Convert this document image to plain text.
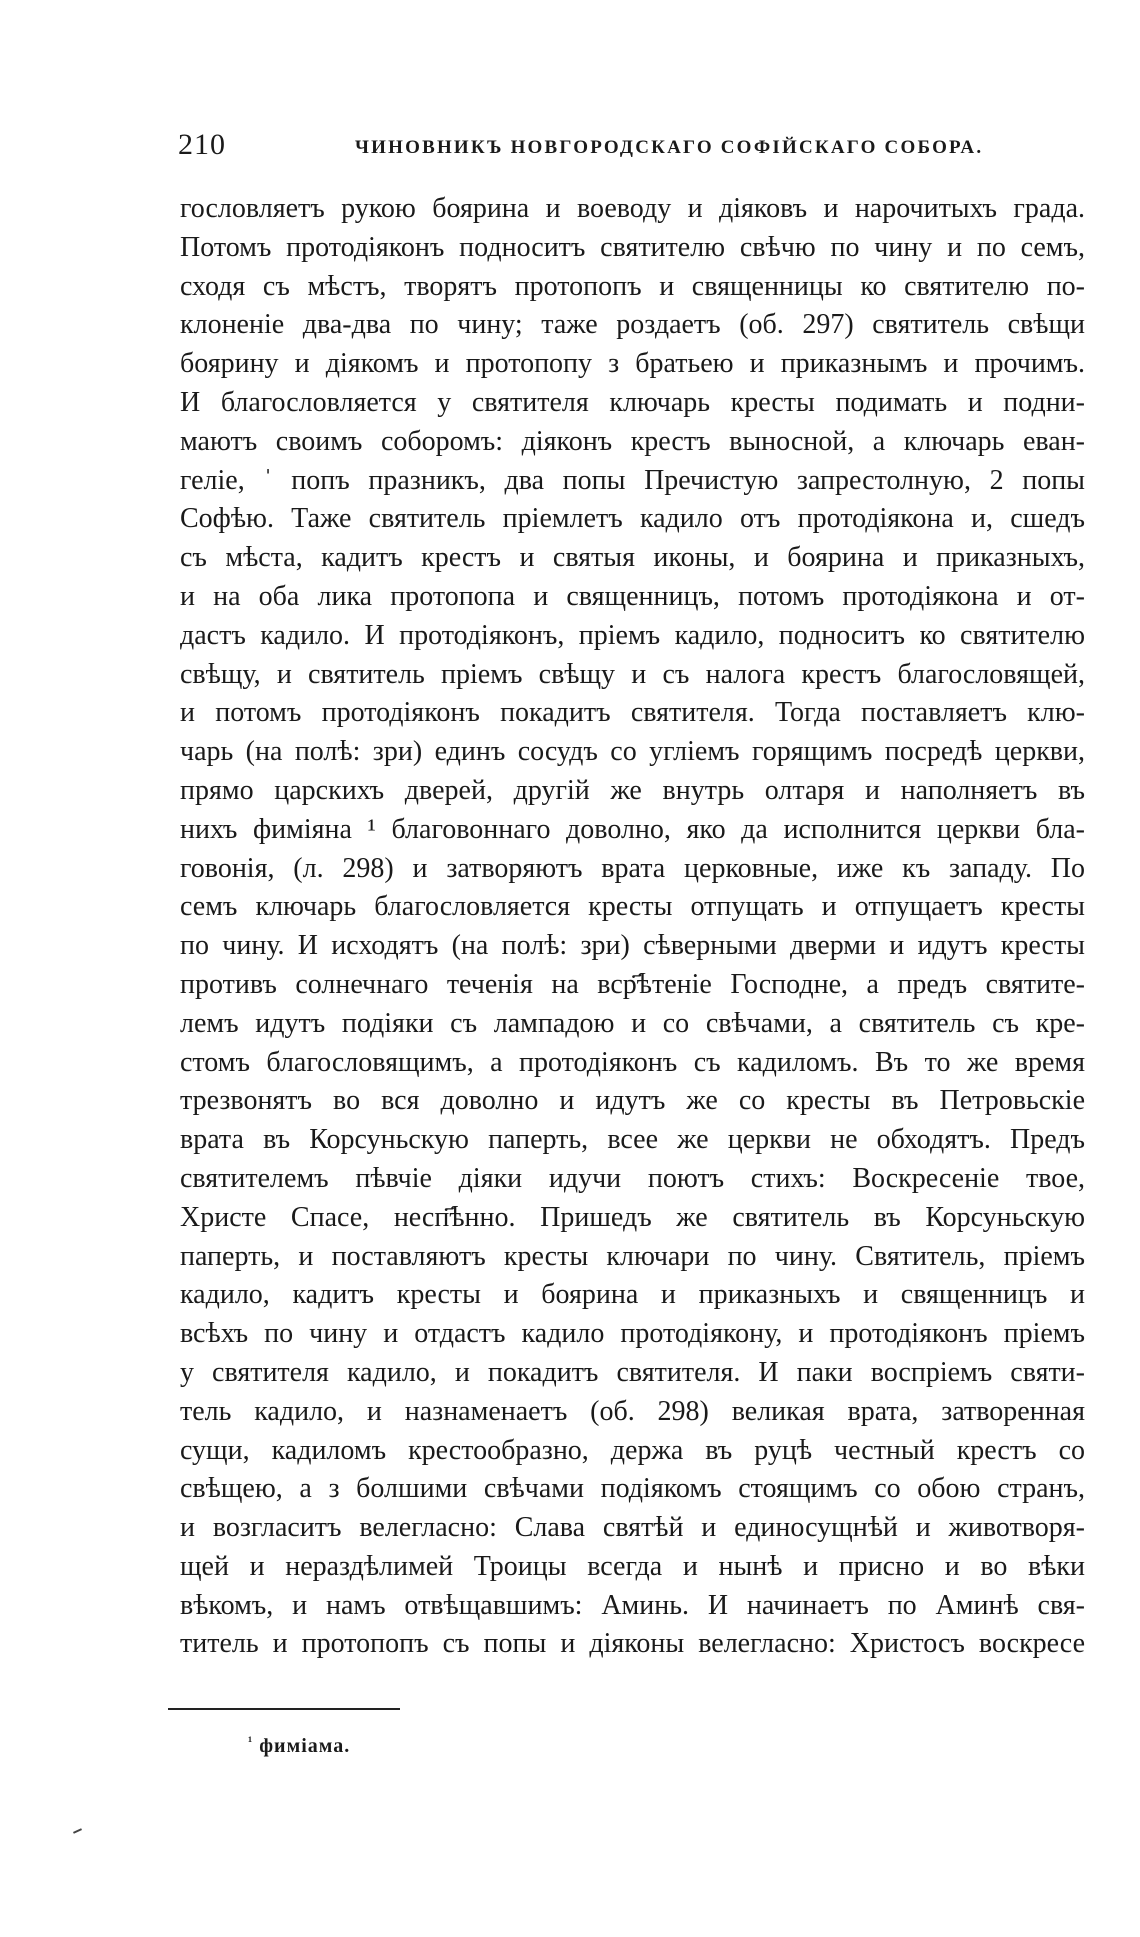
210	ЧИНОВНИКЪ НОВГОРОДСКАГО СОФІЙСКАГО СОБОРА.
гословляетъ рукою боярина и воеводу и діяковъ и нарочитыхъ града.
Потомъ протодіяконъ подноситъ святителю свѣчю по чину и по семъ,
сходя съ мѣстъ, творятъ протопопъ и священницы ко святителю по-
клоненіе два-два по чину; таже роздаетъ (об. 297) святитель свѣщи
боярину и діякомъ и протопопу з братьею и приказнымъ и прочимъ.
И благословляется у святителя ключарь кресты подимать и подни-
маютъ своимъ соборомъ: діяконъ крестъ выносной, а ключарь еван-
геліе, ˈ попъ празникъ, два попы Пречистую запрестолную, 2 попы
Софѣю. Таже святитель пріемлетъ кадило отъ протодіякона и, сшедъ
съ мѣста, кадитъ крестъ и святыя иконы, и боярина и приказныхъ,
и на оба лика протопопа и священницъ, потомъ протодіякона и от-
дастъ кадило. И протодіяконъ, пріемъ кадило, подноситъ ко святителю
свѣщу, и святитель пріемъ свѣщу и съ налога крестъ благословящей,
и потомъ протодіяконъ покадитъ святителя. Тогда поставляетъ клю-
чарь (на полѣ: зри) единъ сосудъ со угліемъ горящимъ посредѣ церкви,
прямо царскихъ дверей, другій же внутрь олтаря и наполняетъ въ
нихъ фиміяна ¹ благовоннаго доволно, яко да исполнится церкви бла-
говонія, (л. 298) и затворяютъ врата церковные, иже къ западу. По
семъ ключарь благословляется кресты отпущать и отпущаетъ кресты
по чину. И исходятъ (на полѣ: зри) сѣверными дверми и идутъ кресты
противъ солнечнаго теченія на вср҃ѣтеніе Господне, а предъ святите-
лемъ идутъ подіяки съ лампадою и со свѣчами, а святитель съ кре-
стомъ благословящимъ, а протодіяконъ съ кадиломъ. Въ то же время
трезвонятъ во вся доволно и идутъ же со кресты въ Петровьскіе
врата въ Корсуньскую паперть, всее же церкви не обходятъ. Предъ
святителемъ пѣвчіе діяки идучи поютъ стихъ: Воскресеніе твое,
Христе Спасе, несп҃ѣнно. Пришедъ же святитель въ Корсуньскую
паперть, и поставляютъ кресты ключари по чину. Святитель, пріемъ
кадило, кадитъ кресты и боярина и приказныхъ и священницъ и
всѣхъ по чину и отдастъ кадило протодіякону, и протодіяконъ пріемъ
у святителя кадило, и покадитъ святителя. И паки воспріемъ святи-
тель кадило, и назнаменаетъ (об. 298) великая врата, затворенная
сущи, кадиломъ крестообразно, держа въ руцѣ честный крестъ со
свѣщею, а з болшими свѣчами подіякомъ стоящимъ со обою странъ,
и возгласитъ велегласно: Слава святѣй и единосущнѣй и животворя-
щей и нераздѣлимей Троицы всегда и нынѣ и присно и во вѣки
вѣкомъ, и намъ отвѣщавшимъ: Аминь. И начинаетъ по Аминѣ свя-
титель и протопопъ съ попы и діяконы велегласно: Христосъ воскресе
$^{^1}$ фиміама.
